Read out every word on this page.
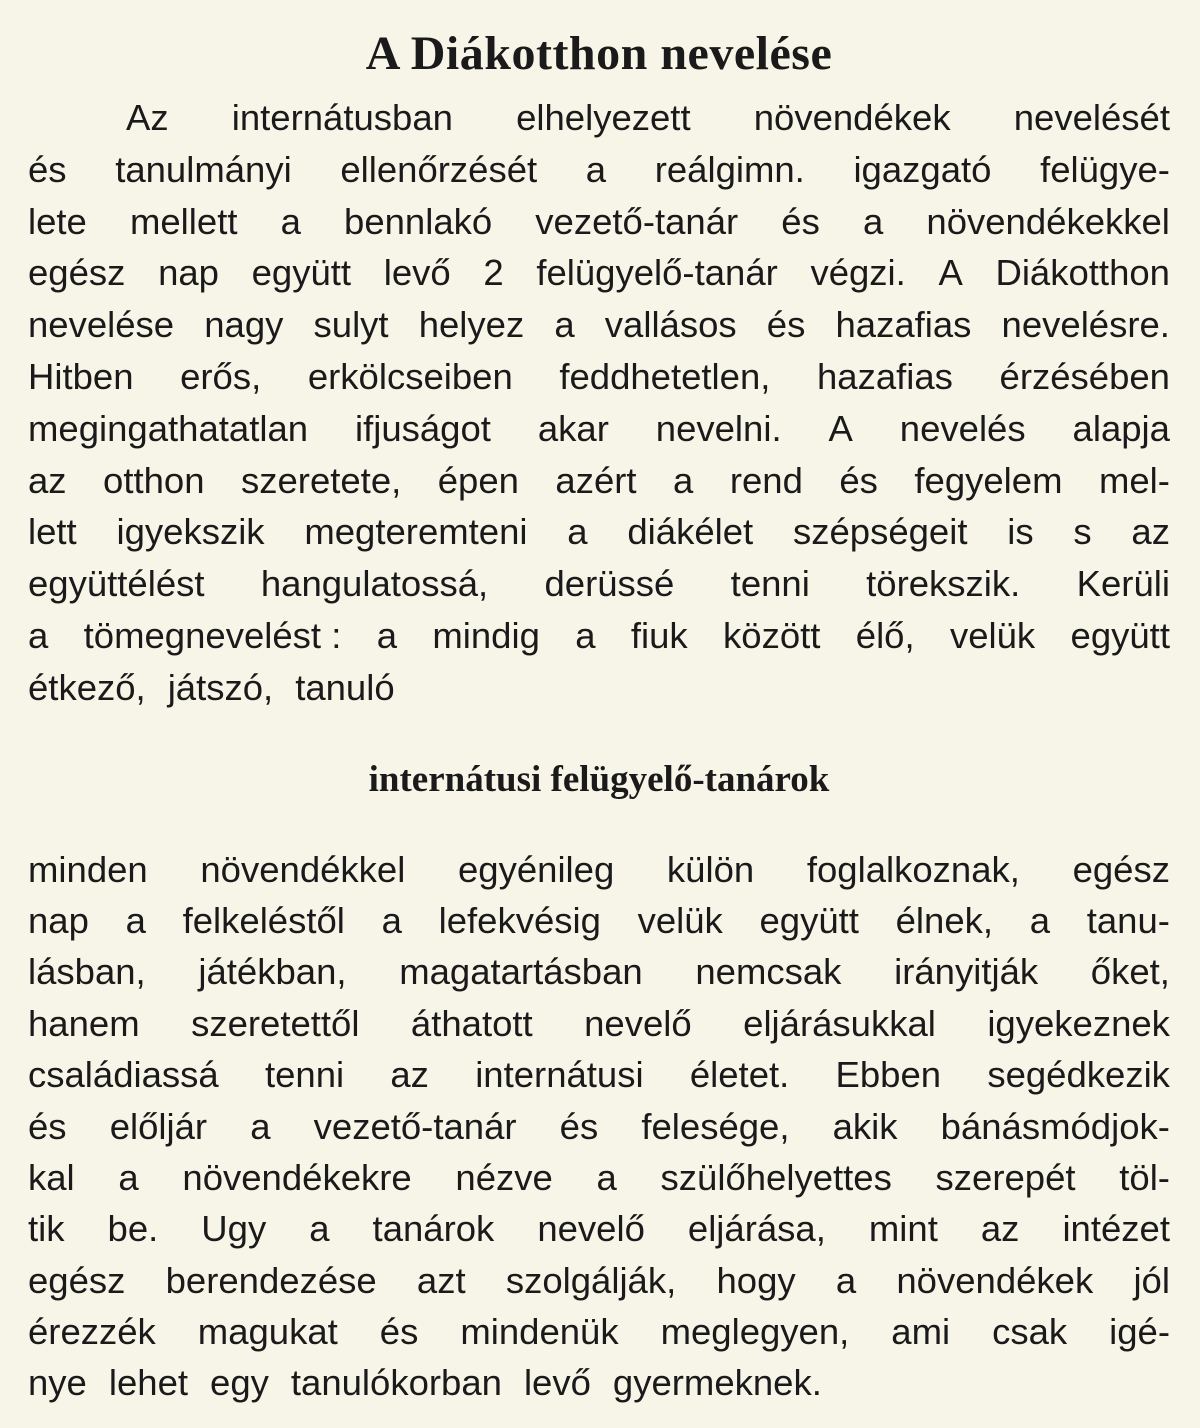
A Diákotthon nevelése
Az internátusban elhelyezett növendékek nevelését
és tanulmányi ellenőrzését a reálgimn. igazgató felügye-
lete mellett a bennlakó vezető-tanár és a növendékekkel
egész nap együtt levő 2 felügyelő-tanár végzi. A Diákotthon
nevelése nagy sulyt helyez a vallásos és hazafias nevelésre.
Hitben erős, erkölcseiben feddhetetlen, hazafias érzésében
megingathatatlan ifjuságot akar nevelni. A nevelés alapja
az otthon szeretete, épen azért a rend és fegyelem mel-
lett igyekszik megteremteni a diákélet szépségeit is s az
együttélést hangulatossá, derüssé tenni törekszik. Kerüli
a tömegnevelést : a mindig a fiuk között élő, velük együtt
étkező, játszó, tanuló
internátusi felügyelő-tanárok
minden növendékkel egyénileg külön foglalkoznak, egész
nap a felkeléstől a lefekvésig velük együtt élnek, a tanu-
lásban, játékban, magatartásban nemcsak irányitják őket,
hanem szeretettől áthatott nevelő eljárásukkal igyekeznek
családiassá tenni az internátusi életet. Ebben segédkezik
és előljár a vezető-tanár és felesége, akik bánásmódjok-
kal a növendékekre nézve a szülőhelyettes szerepét töl-
tik be. Ugy a tanárok nevelő eljárása, mint az intézet
egész berendezése azt szolgálják, hogy a növendékek jól
érezzék magukat és mindenük meglegyen, ami csak igé-
nye lehet egy tanulókorban levő gyermeknek.
